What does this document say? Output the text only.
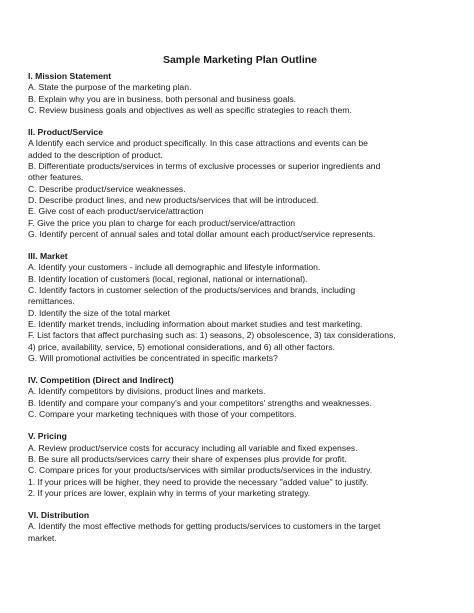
Sample Marketing Plan Outline
I. Mission Statement
A. State the purpose of the marketing plan.
B. Explain why you are in business, both personal and business goals.
C. Review business goals and objectives as well as specific strategies to reach them.
II. Product/Service
A Identify each service and product specifically. In this case attractions and events can be
added to the description of product.
B. Differentiate products/services in terms of exclusive processes or superior ingredients and
other features.
C. Describe product/service weaknesses.
D. Describe product lines, and new products/services that will be introduced.
E. Give cost of each product/service/attraction
F. Give the price you plan to charge for each product/service/attraction
G. Identify percent of annual sales and total dollar amount each product/service represents.
III. Market
A. Identify your customers - include all demographic and lifestyle information.
B. Identify location of customers (local, regional, national or international).
C. Identify factors in customer selection of the products/services and brands, including
remittances.
D. Identify the size of the total market
E. Identify market trends, including information about market studies and test marketing.
F. List factors that affect purchasing such as: 1) seasons, 2) obsolescence, 3) tax considerations,
4) price, availability, service, 5) emotional considerations, and 6) all other factors.
G. Will promotional activities be concentrated in specific markets?
IV. Competition (Direct and Indirect)
A. Identify competitors by divisions, product lines and markets.
B. Identify and compare your company's and your competitors' strengths and weaknesses.
C. Compare your marketing techniques with those of your competitors.
V. Pricing
A. Review product/service costs for accuracy including all variable and fixed expenses.
B. Be sure all products/services carry their share of expenses plus provide for profit.
C. Compare prices for your products/services with similar products/services in the industry.
1. If your prices will be higher, they need to provide the necessary "added value" to justify.
2. If your prices are lower, explain why in terms of your marketing strategy.
VI. Distribution
A. Identify the most effective methods for getting products/services to customers in the target
market.
